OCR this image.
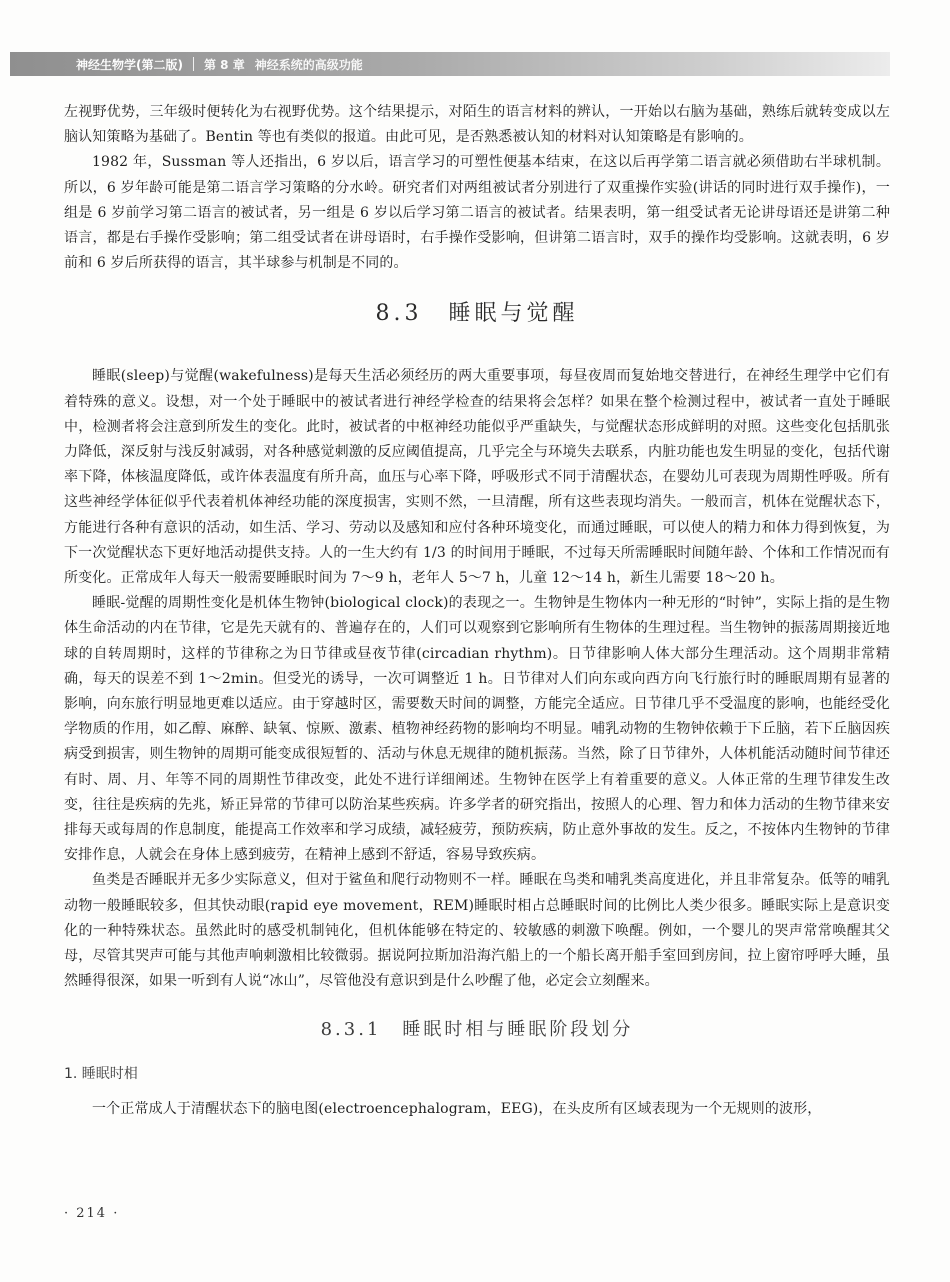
神经生物学(第二版) 第 8 章 神经系统的高级功能

左视野优势，三年级时便转化为右视野优势。这个结果提示，对陌生的语言材料的辨认，一开始以右脑为基础，熟练后就转变成以左脑认知策略为基础了。Bentin 等也有类似的报道。由此可见，是否熟悉被认知的材料对认知策略是有影响的。

1982 年，Sussman 等人还指出，6 岁以后，语言学习的可塑性便基本结束，在这以后再学第二语言就必须借助右半球机制。所以，6 岁年龄可能是第二语言学习策略的分水岭。研究者们对两组被试者分别进行了双重操作实验(讲话的同时进行双手操作)，一组是 6 岁前学习第二语言的被试者，另一组是 6 岁以后学习第二语言的被试者。结果表明，第一组受试者无论讲母语还是讲第二种语言，都是右手操作受影响；第二组受试者在讲母语时，右手操作受影响，但讲第二语言时，双手的操作均受影响。这就表明，6 岁前和 6 岁后所获得的语言，其半球参与机制是不同的。

8.3　睡眠与觉醒

睡眠(sleep)与觉醒(wakefulness)是每天生活必须经历的两大重要事项，每昼夜周而复始地交替进行，在神经生理学中它们有着特殊的意义。设想，对一个处于睡眠中的被试者进行神经学检查的结果将会怎样？如果在整个检测过程中，被试者一直处于睡眠中，检测者将会注意到所发生的变化。此时，被试者的中枢神经功能似乎严重缺失，与觉醒状态形成鲜明的对照。这些变化包括肌张力降低，深反射与浅反射减弱，对各种感觉刺激的反应阈值提高，几乎完全与环境失去联系，内脏功能也发生明显的变化，包括代谢率下降，体核温度降低，或许体表温度有所升高，血压与心率下降，呼吸形式不同于清醒状态，在婴幼儿可表现为周期性呼吸。所有这些神经学体征似乎代表着机体神经功能的深度损害，实则不然，一旦清醒，所有这些表现均消失。一般而言，机体在觉醒状态下，方能进行各种有意识的活动，如生活、学习、劳动以及感知和应付各种环境变化，而通过睡眠，可以使人的精力和体力得到恢复，为下一次觉醒状态下更好地活动提供支持。人的一生大约有 1/3 的时间用于睡眠，不过每天所需睡眠时间随年龄、个体和工作情况而有所变化。正常成年人每天一般需要睡眠时间为 7～9 h，老年人 5～7 h，儿童 12～14 h，新生儿需要 18～20 h。

睡眠-觉醒的周期性变化是机体生物钟(biological clock)的表现之一。生物钟是生物体内一种无形的“时钟”，实际上指的是生物体生命活动的内在节律，它是先天就有的、普遍存在的，人们可以观察到它影响所有生物体的生理过程。当生物钟的振荡周期接近地球的自转周期时，这样的节律称之为日节律或昼夜节律(circadian rhythm)。日节律影响人体大部分生理活动。这个周期非常精确，每天的误差不到 1～2min。但受光的诱导，一次可调整近 1 h。日节律对人们向东或向西方向飞行旅行时的睡眠周期有显著的影响，向东旅行明显地更难以适应。由于穿越时区，需要数天时间的调整，方能完全适应。日节律几乎不受温度的影响，也能经受化学物质的作用，如乙醇、麻醉、缺氧、惊厥、激素、植物神经药物的影响均不明显。哺乳动物的生物钟依赖于下丘脑，若下丘脑因疾病受到损害，则生物钟的周期可能变成很短暂的、活动与休息无规律的随机振荡。当然，除了日节律外，人体机能活动随时间节律还有时、周、月、年等不同的周期性节律改变，此处不进行详细阐述。生物钟在医学上有着重要的意义。人体正常的生理节律发生改变，往往是疾病的先兆，矫正异常的节律可以防治某些疾病。许多学者的研究指出，按照人的心理、智力和体力活动的生物节律来安排每天或每周的作息制度，能提高工作效率和学习成绩，减轻疲劳，预防疾病，防止意外事故的发生。反之，不按体内生物钟的节律安排作息，人就会在身体上感到疲劳，在精神上感到不舒适，容易导致疾病。

鱼类是否睡眠并无多少实际意义，但对于鲨鱼和爬行动物则不一样。睡眠在鸟类和哺乳类高度进化，并且非常复杂。低等的哺乳动物一般睡眠较多，但其快动眼(rapid eye movement，REM)睡眠时相占总睡眠时间的比例比人类少很多。睡眠实际上是意识变化的一种特殊状态。虽然此时的感受机制钝化，但机体能够在特定的、较敏感的刺激下唤醒。例如，一个婴儿的哭声常常唤醒其父母，尽管其哭声可能与其他声响刺激相比较微弱。据说阿拉斯加沿海汽船上的一个船长离开船手室回到房间，拉上窗帘呼呼大睡，虽然睡得很深，如果一听到有人说“冰山”，尽管他没有意识到是什么吵醒了他，必定会立刻醒来。

8.3.1　睡眠时相与睡眠阶段划分
1. 睡眠时相

一个正常成人于清醒状态下的脑电图(electroencephalogram，EEG)，在头皮所有区域表现为一个无规则的波形，

· 214 ·
